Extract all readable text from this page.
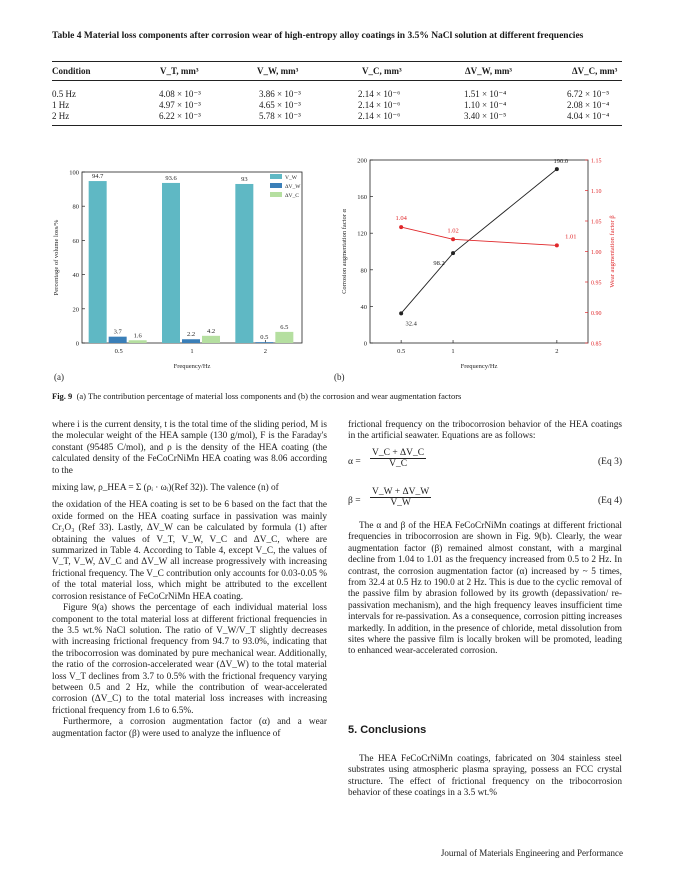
Table 4 Material loss components after corrosion wear of high-entropy alloy coatings in 3.5% NaCl solution at different frequencies
Condition	V_T, mm³	V_W, mm³	V_C, mm³	ΔV_W, mm³	ΔV_C, mm³
0.5 Hz	4.08 × 10⁻³	3.86 × 10⁻³	2.14 × 10⁻⁶	1.51 × 10⁻⁴	6.72 × 10⁻⁵
1 Hz	4.97 × 10⁻³	4.65 × 10⁻³	2.14 × 10⁻⁶	1.10 × 10⁻⁴	2.08 × 10⁻⁴
2 Hz	6.22 × 10⁻³	5.78 × 10⁻³	2.14 × 10⁻⁶	3.40 × 10⁻⁵	4.04 × 10⁻⁴
0
20
40
60
80
100
0.5
94.7
3.7
1.6
1
93.6
2.2 4.2
2
93
0.5
6.5
Frequency/Hz
Percentage of volume loss/%
(a)
V_W
ΔV_W
ΔV_C
0
40
80
120
160
200
0.85
0.90
0.95
1.00
1.05
1.10
1.15
0.5	1	2
32.4
98.2
190.0
1.04
1.02
1.01
Frequency/Hz
Corrosion augmentation factor α	Wear augmentation factor β
(b)
Fig. 9 (a) The contribution percentage of material loss components and (b) the corrosion and wear augmentation factors

where i is the current density, t is the total time of the sliding period, M is the molecular weight of the HEA sample (130 g/mol), F is the Faraday's constant (95485 C/mol), and ρ is the density of the HEA coating (the calculated density of the FeCoCrNiMn HEA coating was 8.06 according to the

mixing law, ρ_HEA = Σ (ρᵢ · ωᵢ)(Ref 32)). The valence (n) of

the oxidation of the HEA coating is set to be 6 based on the fact that the oxide formed on the HEA coating surface in passivation was mainly Cr₂O₃ (Ref 33). Lastly, ΔV_W can be calculated by formula (1) after obtaining the values of V_T, V_W, V_C and ΔV_C, where are summarized in Table 4. According to Table 4, except V_C, the values of V_T, V_W, ΔV_C and ΔV_W all increase progressively with increasing frictional frequency. The V_C contribution only accounts for 0.03-0.05 % of the total material loss, which might be attributed to the excellent corrosion resistance of FeCoCrNiMn HEA coating.

Figure 9(a) shows the percentage of each individual material loss component to the total material loss at different frictional frequencies in the 3.5 wt.% NaCl solution. The ratio of V_W/V_T slightly decreases with increasing frictional frequency from 94.7 to 93.0%, indicating that the tribocorrosion was dominated by pure mechanical wear. Additionally, the ratio of the corrosion-accelerated wear (ΔV_W) to the total material loss V_T declines from 3.7 to 0.5% with the frictional frequency varying between 0.5 and 2 Hz, while the contribution of wear-accelerated corrosion (ΔV_C) to the total material loss increases with increasing frictional frequency from 1.6 to 6.5%.

Furthermore, a corrosion augmentation factor (α) and a wear augmentation factor (β) were used to analyze the influence of

frictional frequency on the tribocorrosion behavior of the HEA coatings in the artificial seawater. Equations are as follows:

$\alpha = \frac{V\_C + \Delta V\_C}{V\_C}$	(Eq 3)
$\beta = \frac{V\_W + \Delta V\_W}{V\_W}$	(Eq 4)

The α and β of the HEA FeCoCrNiMn coatings at different frictional frequencies in tribocorrosion are shown in Fig. 9(b). Clearly, the wear augmentation factor (β) remained almost constant, with a marginal decline from 1.04 to 1.01 as the frequency increased from 0.5 to 2 Hz. In contrast, the corrosion augmentation factor (α) increased by ~ 5 times, from 32.4 at 0.5 Hz to 190.0 at 2 Hz. This is due to the cyclic removal of the passive film by abrasion followed by its growth (depassivation/ re-passivation mechanism), and the high frequency leaves insufficient time intervals for re-passivation. As a consequence, corrosion pitting increases markedly. In addition, in the presence of chloride, metal dissolution from sites where the passive film is locally broken will be promoted, leading to enhanced wear-accelerated corrosion.

5. Conclusions

The HEA FeCoCrNiMn coatings, fabricated on 304 stainless steel substrates using atmospheric plasma spraying, possess an FCC crystal structure. The effect of frictional frequency on the tribocorrosion behavior of these coatings in a 3.5 wt.%

Journal of Materials Engineering and Performance
